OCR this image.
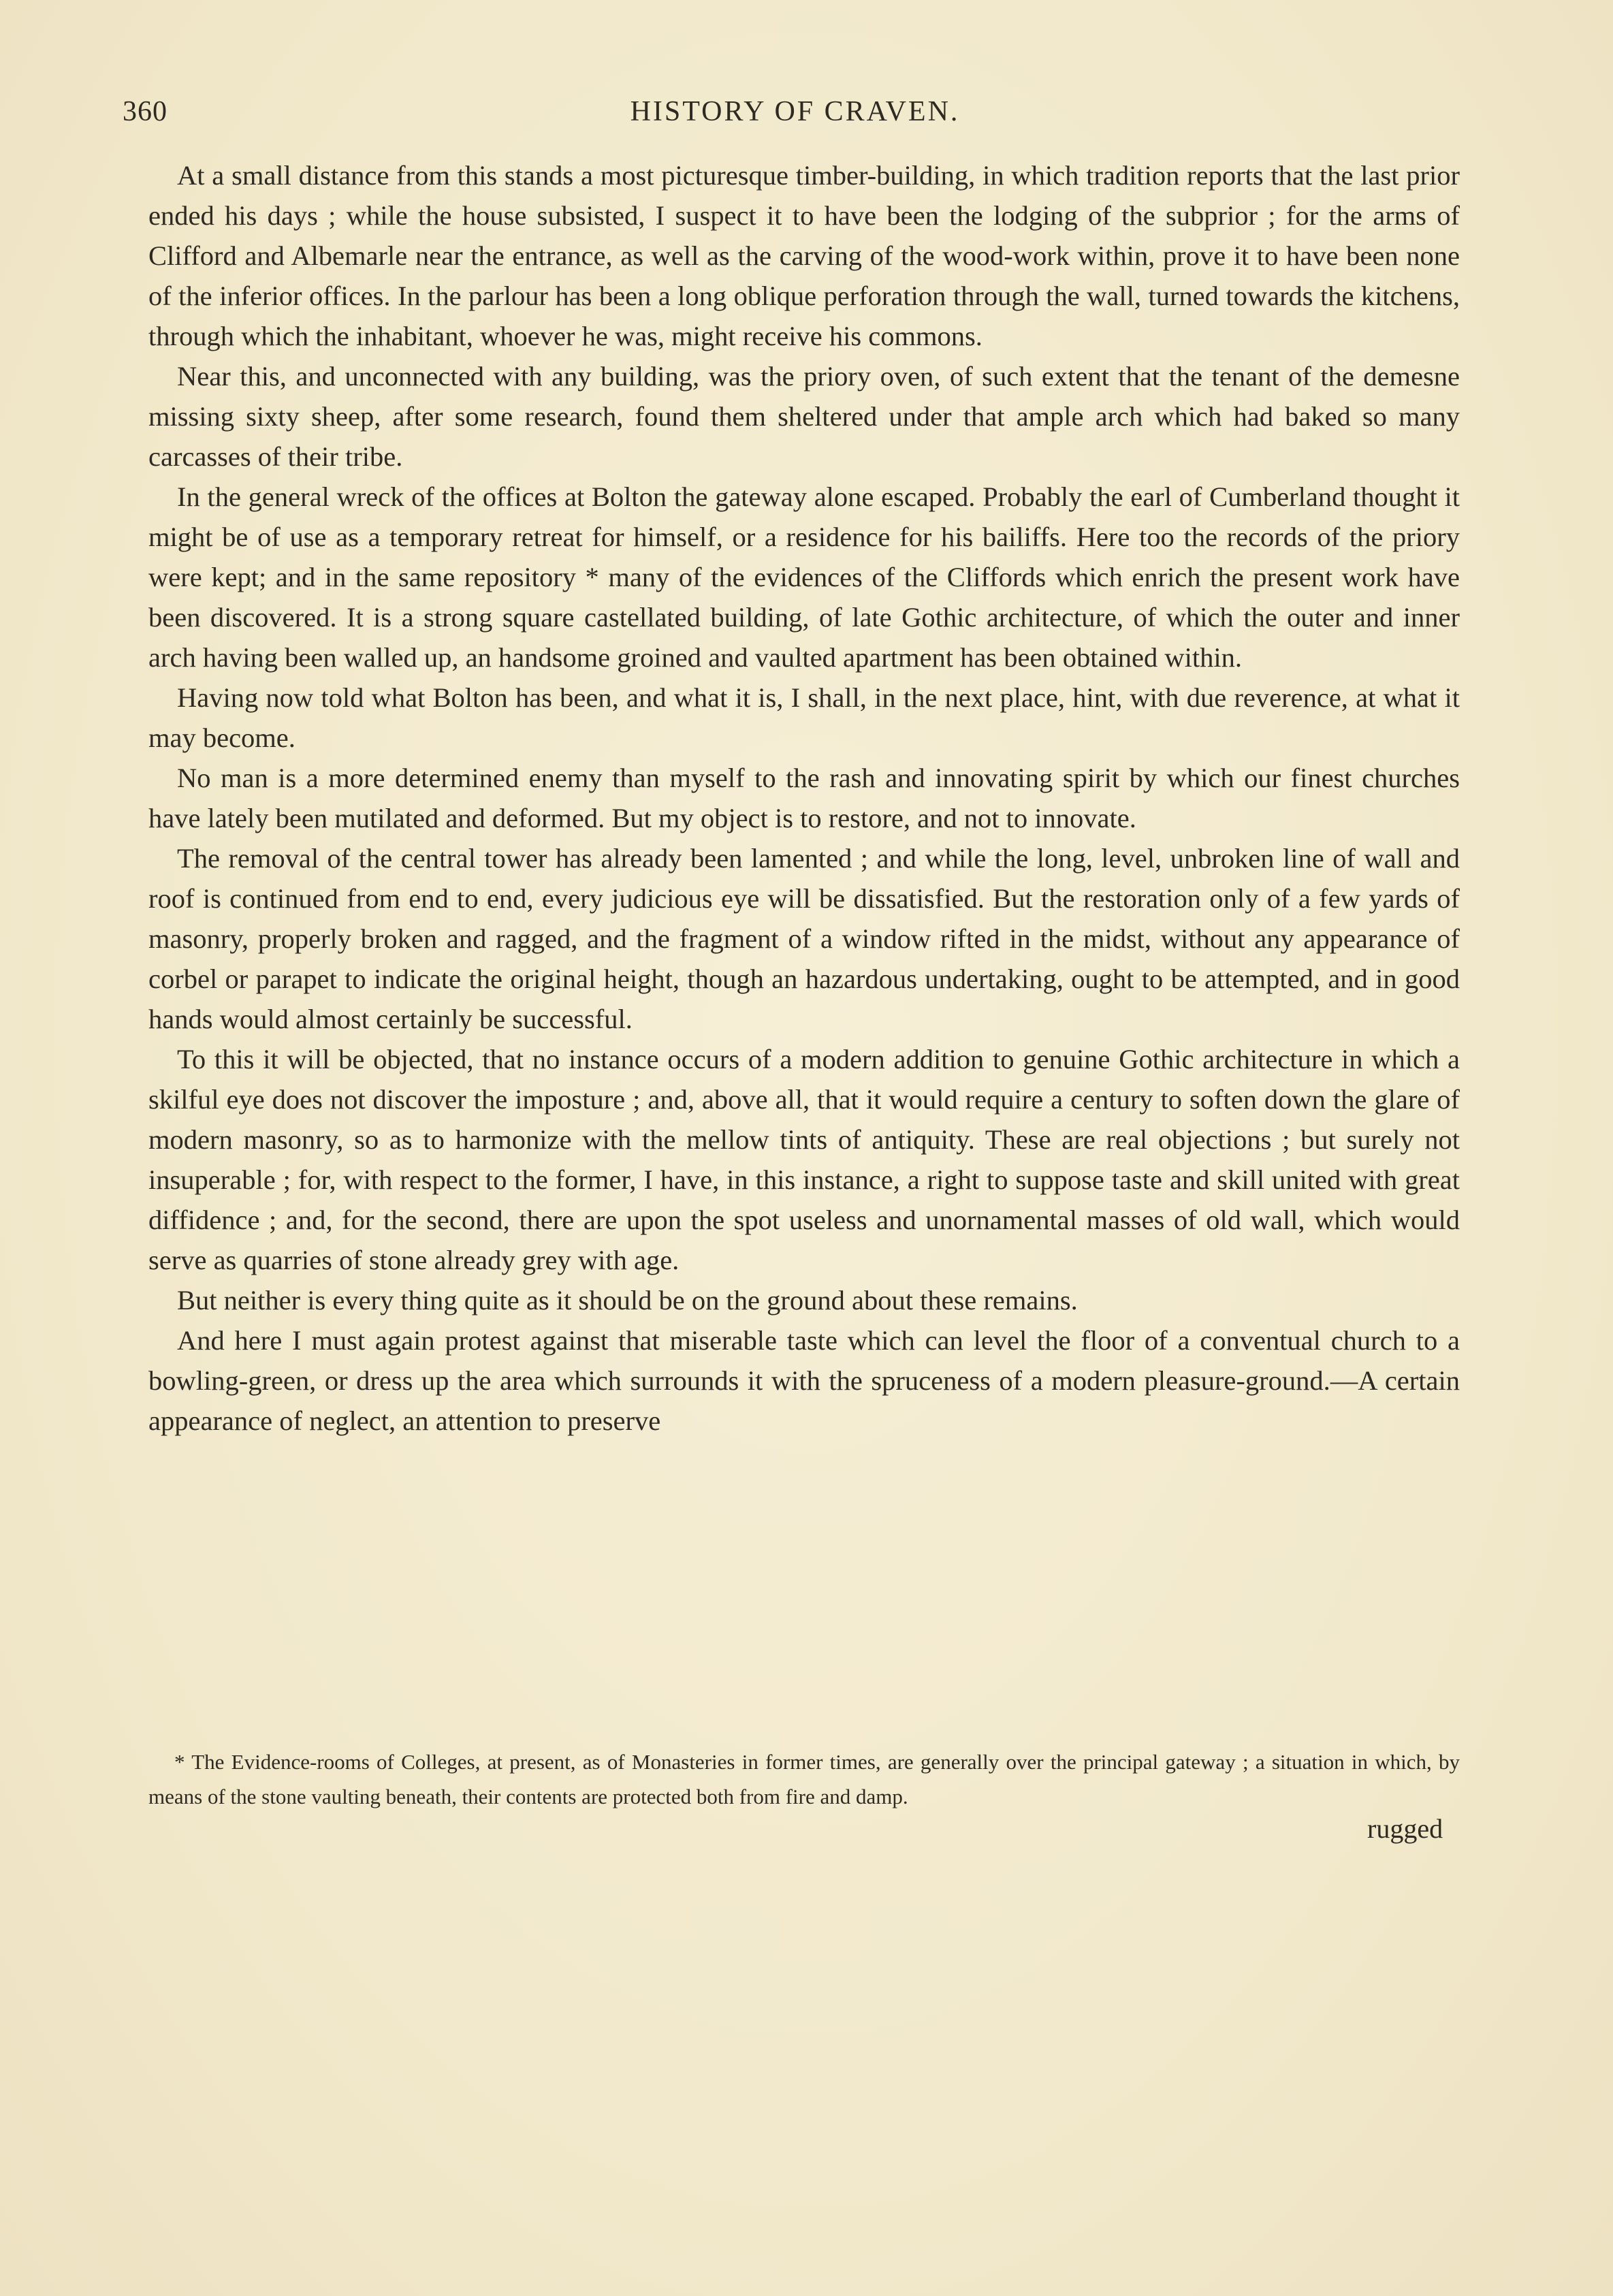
360	HISTORY OF CRAVEN.

At a small distance from this stands a most picturesque timber-building, in which tradition reports that the last prior ended his days ; while the house subsisted, I suspect it to have been the lodging of the subprior ; for the arms of Clifford and Albemarle near the entrance, as well as the carving of the wood-work within, prove it to have been none of the inferior offices. In the parlour has been a long oblique perforation through the wall, turned towards the kitchens, through which the inhabitant, whoever he was, might receive his commons.

Near this, and unconnected with any building, was the priory oven, of such extent that the tenant of the demesne missing sixty sheep, after some research, found them sheltered under that ample arch which had baked so many carcasses of their tribe.

In the general wreck of the offices at Bolton the gateway alone escaped. Probably the earl of Cumberland thought it might be of use as a temporary retreat for himself, or a residence for his bailiffs. Here too the records of the priory were kept; and in the same repository * many of the evidences of the Cliffords which enrich the present work have been discovered. It is a strong square castellated building, of late Gothic architecture, of which the outer and inner arch having been walled up, an handsome groined and vaulted apartment has been obtained within.

Having now told what Bolton has been, and what it is, I shall, in the next place, hint, with due reverence, at what it may become.

No man is a more determined enemy than myself to the rash and innovating spirit by which our finest churches have lately been mutilated and deformed. But my object is to restore, and not to innovate.

The removal of the central tower has already been lamented ; and while the long, level, unbroken line of wall and roof is continued from end to end, every judicious eye will be dissatisfied. But the restoration only of a few yards of masonry, properly broken and ragged, and the fragment of a window rifted in the midst, without any appearance of corbel or parapet to indicate the original height, though an hazardous undertaking, ought to be attempted, and in good hands would almost certainly be successful.

To this it will be objected, that no instance occurs of a modern addition to genuine Gothic architecture in which a skilful eye does not discover the imposture ; and, above all, that it would require a century to soften down the glare of modern masonry, so as to harmonize with the mellow tints of antiquity. These are real objections ; but surely not insuperable ; for, with respect to the former, I have, in this instance, a right to suppose taste and skill united with great diffidence ; and, for the second, there are upon the spot useless and unornamental masses of old wall, which would serve as quarries of stone already grey with age.

But neither is every thing quite as it should be on the ground about these remains.

And here I must again protest against that miserable taste which can level the floor of a conventual church to a bowling-green, or dress up the area which surrounds it with the spruceness of a modern pleasure-ground.—A certain appearance of neglect, an attention to preserve

* The Evidence-rooms of Colleges, at present, as of Monasteries in former times, are generally over the principal gateway ; a situation in which, by means of the stone vaulting beneath, their contents are protected both from fire and damp.

rugged
